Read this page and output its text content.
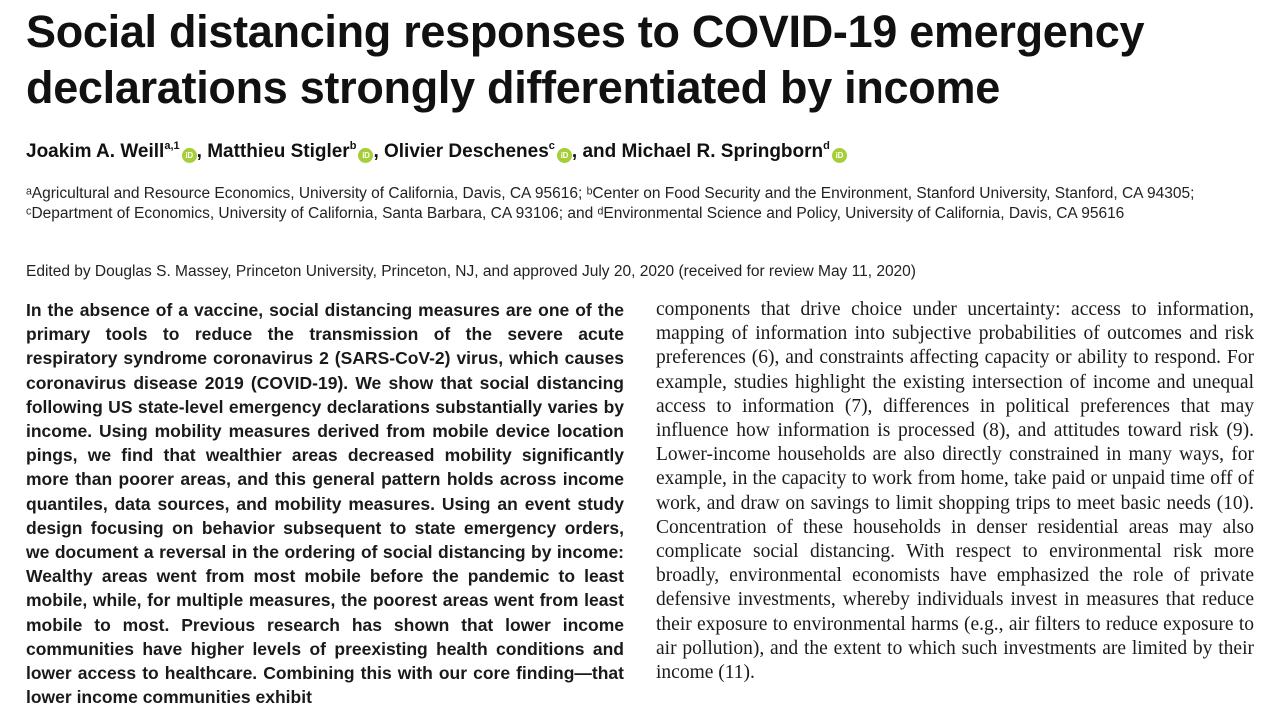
Social distancing responses to COVID-19 emergency declarations strongly differentiated by income
Joakim A. Weill$^{a,1}$iD , Matthieu Stigler$^b$iD , Olivier Deschenes$^c$iD , and Michael R. Springborn$^d$iD

ᵃAgricultural and Resource Economics, University of California, Davis, CA 95616; ᵇCenter on Food Security and the Environment, Stanford University, Stanford, CA 94305; ᶜDepartment of Economics, University of California, Santa Barbara, CA 93106; and ᵈEnvironmental Science and Policy, University of California, Davis, CA 95616

Edited by Douglas S. Massey, Princeton University, Princeton, NJ, and approved July 20, 2020 (received for review May 11, 2020)

In the absence of a vaccine, social distancing measures are one of the primary tools to reduce the transmission of the severe acute respiratory syndrome coronavirus 2 (SARS-CoV-2) virus, which causes coronavirus disease 2019 (COVID-19). We show that social distancing following US state-level emergency declarations substantially varies by income. Using mobility measures derived from mobile device location pings, we find that wealthier areas decreased mobility significantly more than poorer areas, and this general pattern holds across income quantiles, data sources, and mobility measures. Using an event study design focusing on behavior subsequent to state emergency orders, we document a reversal in the ordering of social distancing by income: Wealthy areas went from most mobile before the pandemic to least mobile, while, for multiple measures, the poorest areas went from least mobile to most. Previous research has shown that lower income communities have higher levels of preexisting health conditions and lower access to healthcare. Combining this with our core finding—that lower income communities exhibit

components that drive choice under uncertainty: access to information, mapping of information into subjective probabilities of outcomes and risk preferences (6), and constraints affecting capacity or ability to respond. For example, studies highlight the existing intersection of income and unequal access to information (7), differences in political preferences that may influence how information is processed (8), and attitudes toward risk (9). Lower-income households are also directly constrained in many ways, for example, in the capacity to work from home, take paid or unpaid time off of work, and draw on savings to limit shopping trips to meet basic needs (10). Concentration of these households in denser residential areas may also complicate social distancing. With respect to environmental risk more broadly, environmental economists have emphasized the role of private defensive investments, whereby individuals invest in measures that reduce their exposure to environmental harms (e.g., air filters to reduce exposure to air pollution), and the extent to which such investments are limited by their income (11).
